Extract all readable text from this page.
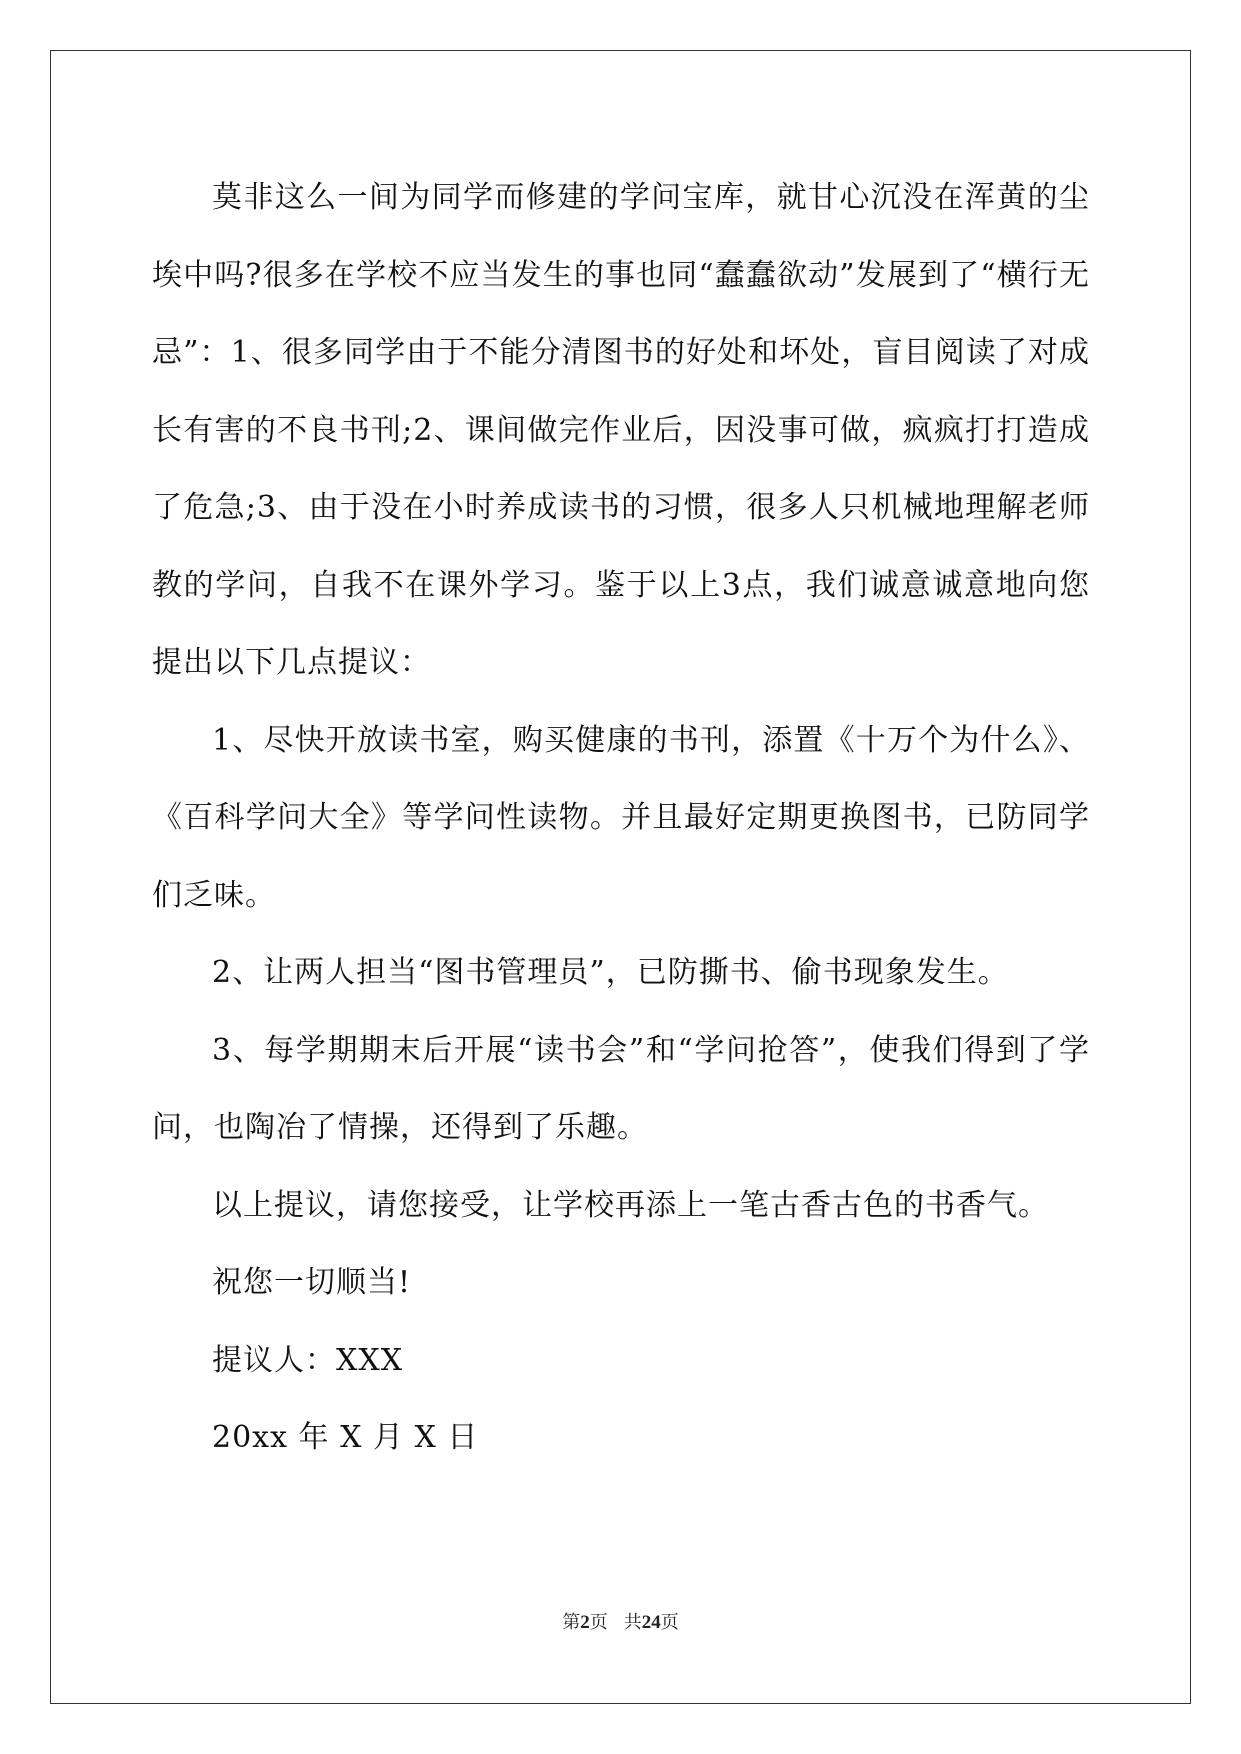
莫非这么一间为同学而修建的学问宝库，就甘心沉没在浑黄的尘埃中吗?很多在学校不应当发生的事也同“蠢蠢欲动”发展到了“横行无忌”：1、很多同学由于不能分清图书的好处和坏处，盲目阅读了对成长有害的不良书刊;2、课间做完作业后，因没事可做，疯疯打打造成了危急;3、由于没在小时养成读书的习惯，很多人只机械地理解老师教的学问，自我不在课外学习。鉴于以上3点，我们诚意诚意地向您提出以下几点提议：

1、尽快开放读书室，购买健康的书刊，添置《十万个为什么》、《百科学问大全》等学问性读物。并且最好定期更换图书，已防同学们乏味。

2、让两人担当“图书管理员”，已防撕书、偷书现象发生。

3、每学期期末后开展“读书会”和“学问抢答”，使我们得到了学问，也陶冶了情操，还得到了乐趣。

以上提议，请您接受，让学校再添上一笔古香古色的书香气。

祝您一切顺当!

提议人：XXX

20xx 年 X 月 X 日

第2页 共24页
